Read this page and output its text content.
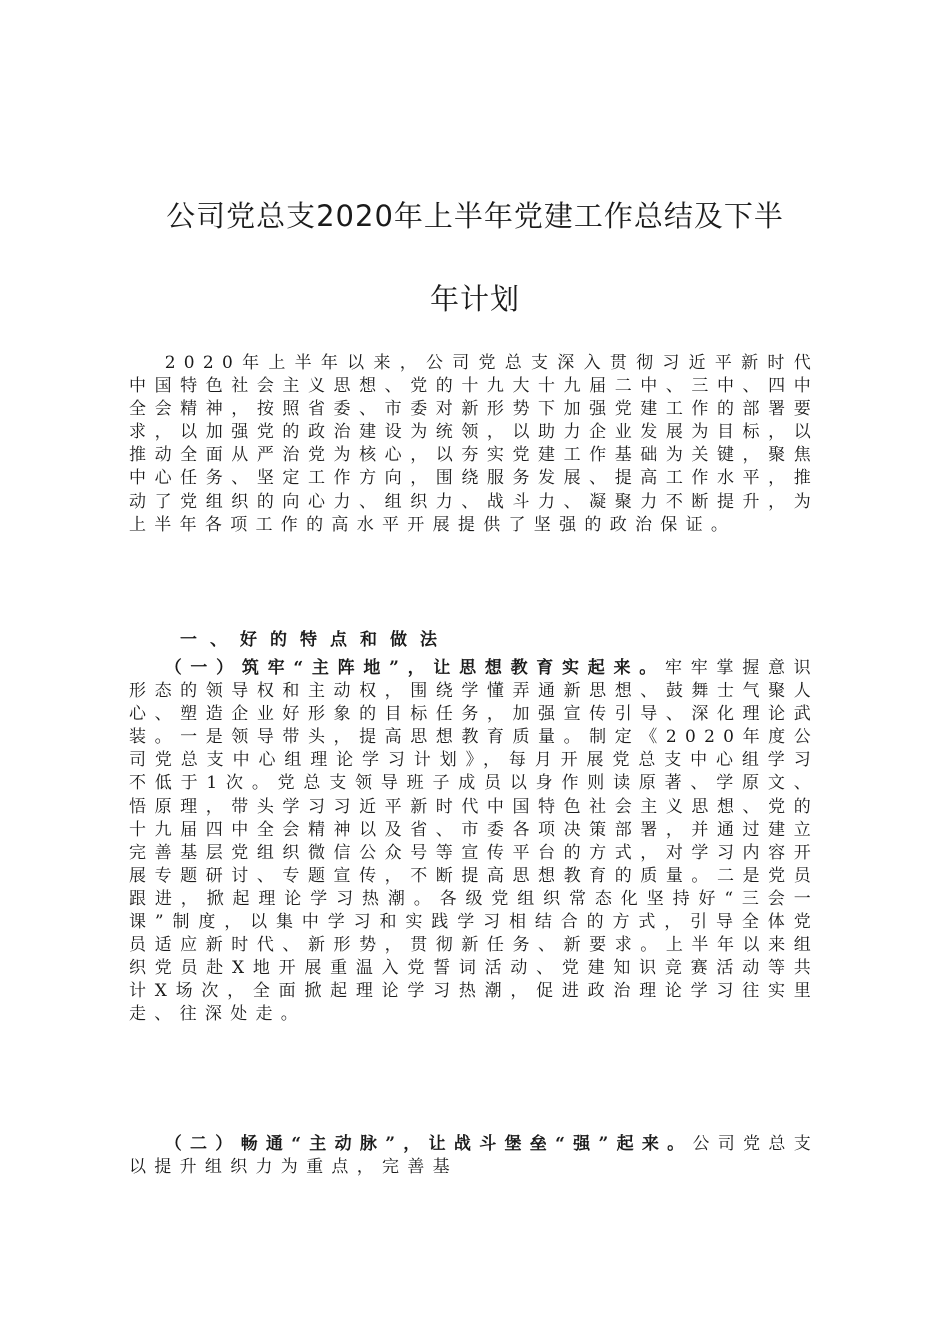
公司党总支2020年上半年党建工作总结及下半
年计划

2020年上半年以来，公司党总支深入贯彻习近平新时代中国特色社会主义思想、党的十九大十九届二中、三中、四中全会精神，按照省委、市委对新形势下加强党建工作的部署要求，以加强党的政治建设为统领，以助力企业发展为目标，以推动全面从严治党为核心，以夯实党建工作基础为关键，聚焦中心任务、坚定工作方向，围绕服务发展、提高工作水平，推动了党组织的向心力、组织力、战斗力、凝聚力不断提升，为上半年各项工作的高水平开展提供了坚强的政治保证。

一、好的特点和做法

（一）筑牢“主阵地”，让思想教育实起来。牢牢掌握意识形态的领导权和主动权，围绕学懂弄通新思想、鼓舞士气聚人心、塑造企业好形象的目标任务，加强宣传引导、深化理论武装。一是领导带头，提高思想教育质量。制定《2020年度公司党总支中心组理论学习计划》，每月开展党总支中心组学习不低于1次。党总支领导班子成员以身作则读原著、学原文、悟原理，带头学习习近平新时代中国特色社会主义思想、党的十九届四中全会精神以及省、市委各项决策部署，并通过建立完善基层党组织微信公众号等宣传平台的方式，对学习内容开展专题研讨、专题宣传，不断提高思想教育的质量。二是党员跟进，掀起理论学习热潮。各级党组织常态化坚持好“三会一课”制度，以集中学习和实践学习相结合的方式，引导全体党员适应新时代、新形势，贯彻新任务、新要求。上半年以来组织党员赴X地开展重温入党誓词活动、党建知识竞赛活动等共计X场次，全面掀起理论学习热潮，促进政治理论学习往实里走、往深处走。

（二）畅通“主动脉”，让战斗堡垒“强”起来。公司党总支以提升组织力为重点，完善基
